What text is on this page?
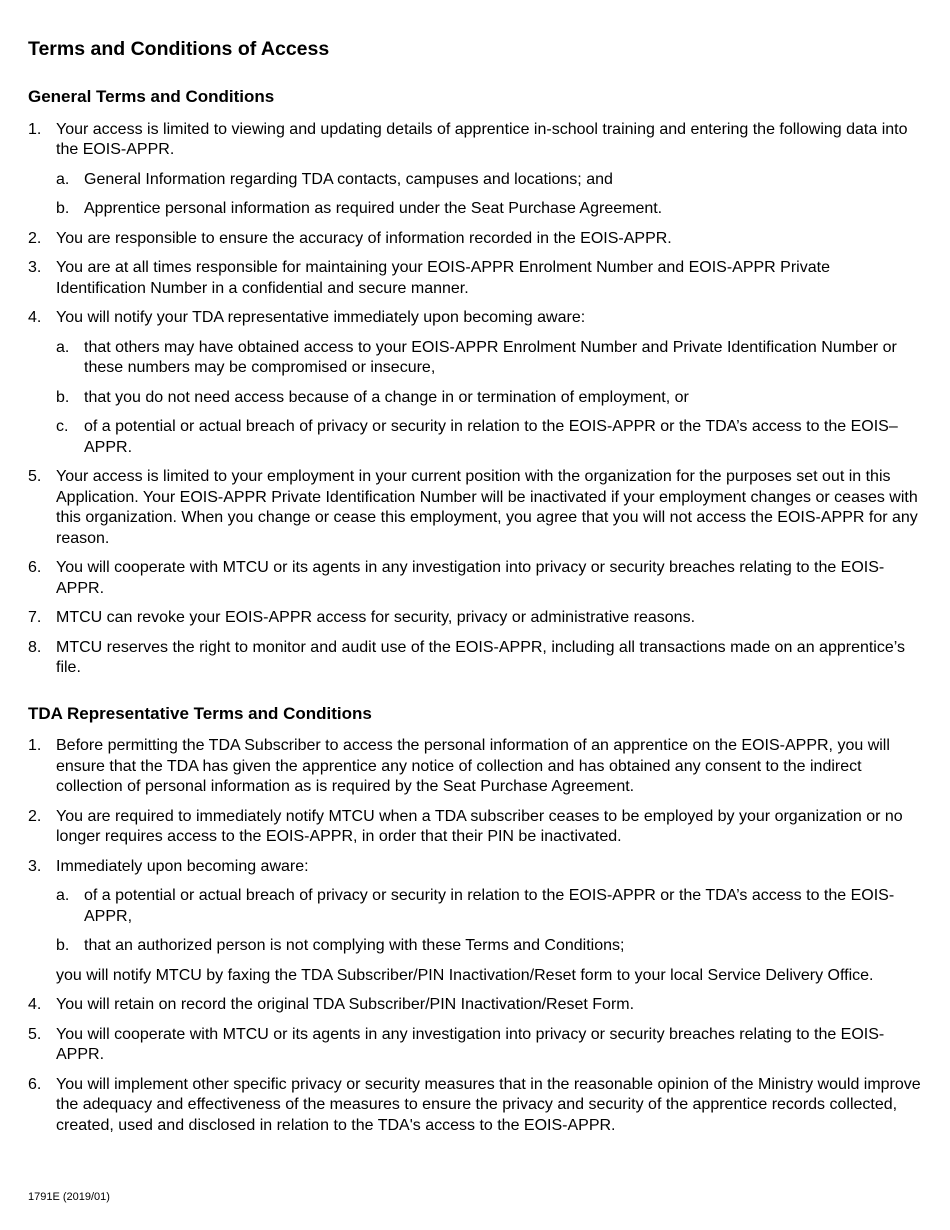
Terms and Conditions of Access
General Terms and Conditions
1. Your access is limited to viewing and updating details of apprentice in-school training and entering the following data into the EOIS-APPR.
a. General Information regarding TDA contacts, campuses and locations; and
b. Apprentice personal information as required under the Seat Purchase Agreement.
2. You are responsible to ensure the accuracy of information recorded in the EOIS-APPR.
3. You are at all times responsible for maintaining your EOIS-APPR Enrolment Number and EOIS-APPR Private Identification Number in a confidential and secure manner.
4. You will notify your TDA representative immediately upon becoming aware:
a. that others may have obtained access to your EOIS-APPR Enrolment Number and Private Identification Number or these numbers may be compromised or insecure,
b. that you do not need access because of a change in or termination of employment, or
c. of a potential or actual breach of privacy or security in relation to the EOIS-APPR or the TDA’s access to the EOIS–APPR.
5. Your access is limited to your employment in your current position with the organization for the purposes set out in this Application. Your EOIS-APPR Private Identification Number will be inactivated if your employment changes or ceases with this organization. When you change or cease this employment, you agree that you will not access the EOIS-APPR for any reason.
6. You will cooperate with MTCU or its agents in any investigation into privacy or security breaches relating to the EOIS-APPR.
7. MTCU can revoke your EOIS-APPR access for security, privacy or administrative reasons.
8. MTCU reserves the right to monitor and audit use of the EOIS-APPR, including all transactions made on an apprentice’s file.
TDA Representative Terms and Conditions
1. Before permitting the TDA Subscriber to access the personal information of an apprentice on the EOIS-APPR, you will ensure that the TDA has given the apprentice any notice of collection and has obtained any consent to the indirect collection of personal information as is required by the Seat Purchase Agreement.
2. You are required to immediately notify MTCU when a TDA subscriber ceases to be employed by your organization or no longer requires access to the EOIS-APPR, in order that their PIN be inactivated.
3. Immediately upon becoming aware:
a. of a potential or actual breach of privacy or security in relation to the EOIS-APPR or the TDA’s access to the EOIS-APPR,
b. that an authorized person is not complying with these Terms and Conditions;
you will notify MTCU by faxing the TDA Subscriber/PIN Inactivation/Reset form to your local Service Delivery Office.
4. You will retain on record the original TDA Subscriber/PIN Inactivation/Reset Form.
5. You will cooperate with MTCU or its agents in any investigation into privacy or security breaches relating to the EOIS-APPR.
6. You will implement other specific privacy or security measures that in the reasonable opinion of the Ministry would improve the adequacy and effectiveness of the measures to ensure the privacy and security of the apprentice records collected, created, used and disclosed in relation to the TDA's access to the EOIS-APPR.
1791E (2019/01)
